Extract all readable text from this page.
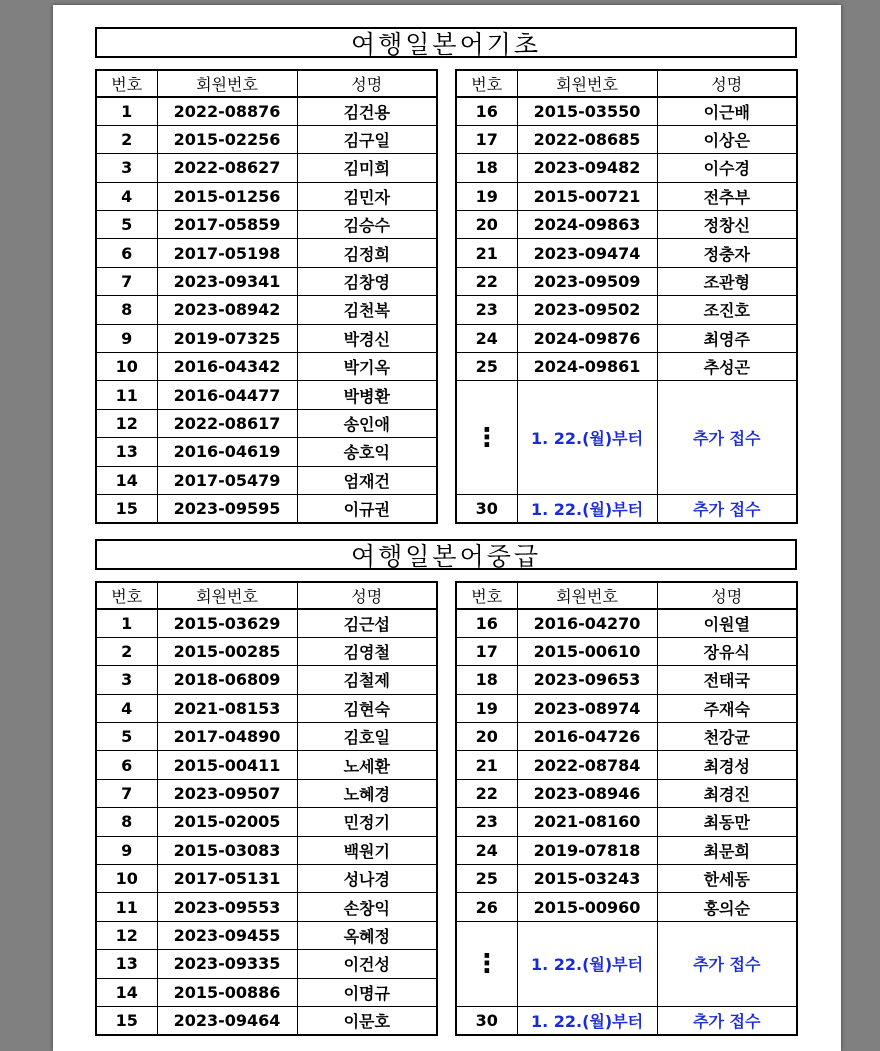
여행일본어기초
번호	회원번호	성명
1	2022-08876	김건용
2	2015-02256	김구일
3	2022-08627	김미희
4	2015-01256	김민자
5	2017-05859	김승수
6	2017-05198	김정희
7	2023-09341	김창영
8	2023-08942	김천복
9	2019-07325	박경신
10	2016-04342	박기옥
11	2016-04477	박병환
12	2022-08617	송인애
13	2016-04619	송호익
14	2017-05479	엄재건
15	2023-09595	이규권
번호	회원번호	성명
16	2015-03550	이근배
17	2022-08685	이상은
18	2023-09482	이수경
19	2015-00721	전추부
20	2024-09863	정창신
21	2023-09474	정충자
22	2023-09509	조관형
23	2023-09502	조진호
24	2024-09876	최영주
25	2024-09861	추성곤
⋮	1. 22.(월)부터	추가 접수
30	1. 22.(월)부터	추가 접수
여행일본어중급
번호	회원번호	성명
1	2015-03629	김근섭
2	2015-00285	김영철
3	2018-06809	김철제
4	2021-08153	김현숙
5	2017-04890	김호일
6	2015-00411	노세환
7	2023-09507	노혜경
8	2015-02005	민정기
9	2015-03083	백원기
10	2017-05131	성나경
11	2023-09553	손창익
12	2023-09455	옥혜정
13	2023-09335	이건성
14	2015-00886	이명규
15	2023-09464	이문호
번호	회원번호	성명
16	2016-04270	이원열
17	2015-00610	장유식
18	2023-09653	전태국
19	2023-08974	주재숙
20	2016-04726	천강균
21	2022-08784	최경성
22	2023-08946	최경진
23	2021-08160	최동만
24	2019-07818	최문희
25	2015-03243	한세동
26	2015-00960	홍의순
⋮	1. 22.(월)부터	추가 접수
30	1. 22.(월)부터	추가 접수
